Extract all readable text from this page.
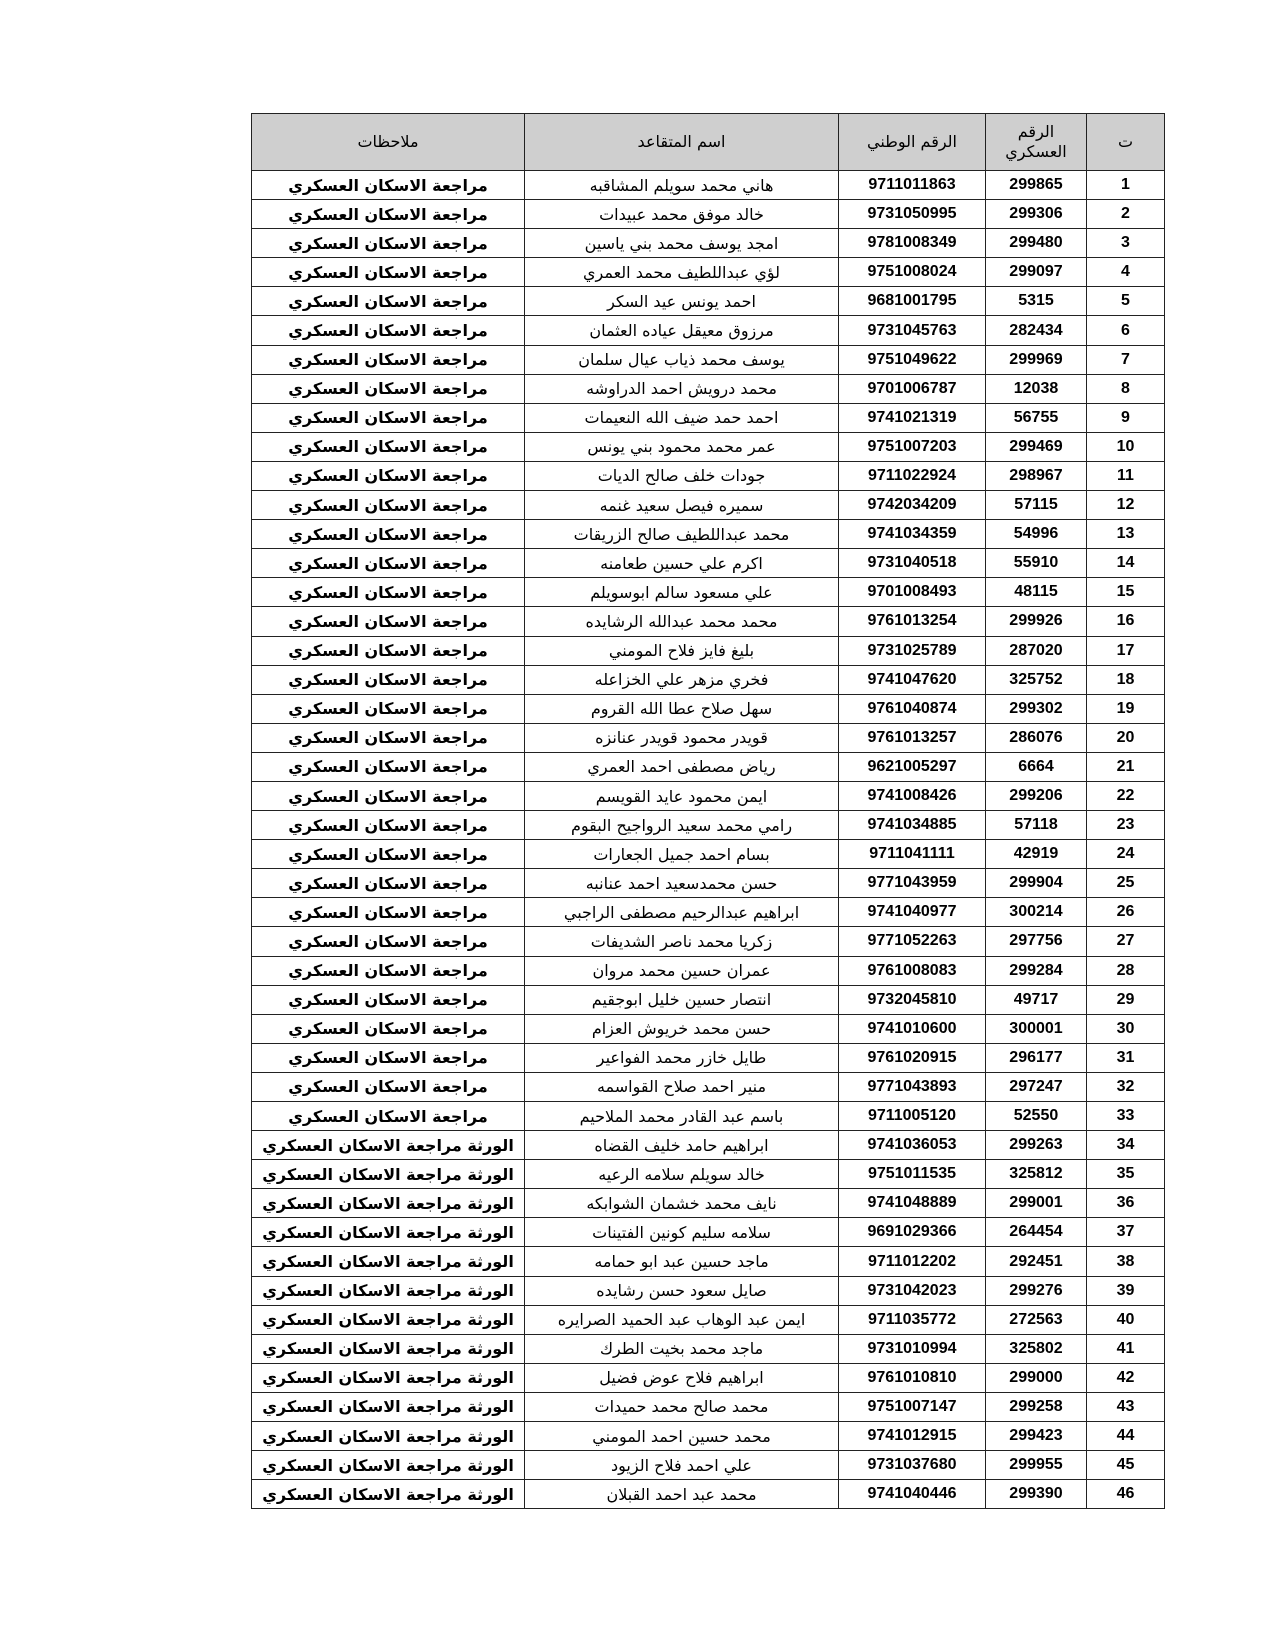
ت	الرقم العسكري	الرقم الوطني	اسم المتقاعد	ملاحظات
1	299865	9711011863	هاني محمد سويلم المشاقبه	مراجعة الاسكان العسكري
2	299306	9731050995	خالد موفق محمد عبيدات	مراجعة الاسكان العسكري
3	299480	9781008349	امجد يوسف محمد بني ياسين	مراجعة الاسكان العسكري
4	299097	9751008024	لؤي عبداللطيف محمد العمري	مراجعة الاسكان العسكري
5	5315	9681001795	احمد يونس عيد السكر	مراجعة الاسكان العسكري
6	282434	9731045763	مرزوق معيقل عياده العثمان	مراجعة الاسكان العسكري
7	299969	9751049622	يوسف محمد ذياب عيال سلمان	مراجعة الاسكان العسكري
8	12038	9701006787	محمد درويش احمد الدراوشه	مراجعة الاسكان العسكري
9	56755	9741021319	احمد حمد ضيف الله النعيمات	مراجعة الاسكان العسكري
10	299469	9751007203	عمر محمد محمود بني يونس	مراجعة الاسكان العسكري
11	298967	9711022924	جودات خلف صالح الديات	مراجعة الاسكان العسكري
12	57115	9742034209	سميره فيصل سعيد غنمه	مراجعة الاسكان العسكري
13	54996	9741034359	محمد عبداللطيف صالح الزريقات	مراجعة الاسكان العسكري
14	55910	9731040518	اكرم علي حسين طعامنه	مراجعة الاسكان العسكري
15	48115	9701008493	علي مسعود سالم ابوسويلم	مراجعة الاسكان العسكري
16	299926	9761013254	محمد محمد عبدالله الرشايده	مراجعة الاسكان العسكري
17	287020	9731025789	بليغ فايز فلاح المومني	مراجعة الاسكان العسكري
18	325752	9741047620	فخري مزهر علي الخزاعله	مراجعة الاسكان العسكري
19	299302	9761040874	سهل صلاح عطا الله القروم	مراجعة الاسكان العسكري
20	286076	9761013257	قويدر محمود قويدر عنانزه	مراجعة الاسكان العسكري
21	6664	9621005297	رياض مصطفى احمد العمري	مراجعة الاسكان العسكري
22	299206	9741008426	ايمن محمود عايد القويسم	مراجعة الاسكان العسكري
23	57118	9741034885	رامي محمد سعيد الرواجيح البقوم	مراجعة الاسكان العسكري
24	42919	9711041111	بسام احمد جميل الجعارات	مراجعة الاسكان العسكري
25	299904	9771043959	حسن محمدسعيد احمد عنانبه	مراجعة الاسكان العسكري
26	300214	9741040977	ابراهيم عبدالرحيم مصطفى الراجبي	مراجعة الاسكان العسكري
27	297756	9771052263	زكريا محمد ناصر الشديفات	مراجعة الاسكان العسكري
28	299284	9761008083	عمران حسين محمد مروان	مراجعة الاسكان العسكري
29	49717	9732045810	انتصار حسين خليل ابوجقيم	مراجعة الاسكان العسكري
30	300001	9741010600	حسن محمد خريوش العزام	مراجعة الاسكان العسكري
31	296177	9761020915	طايل خازر محمد الفواعير	مراجعة الاسكان العسكري
32	297247	9771043893	منير احمد صلاح القواسمه	مراجعة الاسكان العسكري
33	52550	9711005120	باسم عبد القادر محمد الملاحيم	مراجعة الاسكان العسكري
34	299263	9741036053	ابراهيم حامد خليف القضاه	الورثة مراجعة الاسكان العسكري
35	325812	9751011535	خالد سويلم سلامه الرعيه	الورثة مراجعة الاسكان العسكري
36	299001	9741048889	نايف محمد خشمان الشوابكه	الورثة مراجعة الاسكان العسكري
37	264454	9691029366	سلامه سليم كونين الفتينات	الورثة مراجعة الاسكان العسكري
38	292451	9711012202	ماجد حسين عبد ابو حمامه	الورثة مراجعة الاسكان العسكري
39	299276	9731042023	صايل سعود حسن رشايده	الورثة مراجعة الاسكان العسكري
40	272563	9711035772	ايمن عبد الوهاب عبد الحميد الصرايره	الورثة مراجعة الاسكان العسكري
41	325802	9731010994	ماجد محمد بخيت الطرك	الورثة مراجعة الاسكان العسكري
42	299000	9761010810	ابراهيم فلاح عوض فضيل	الورثة مراجعة الاسكان العسكري
43	299258	9751007147	محمد صالح محمد حميدات	الورثة مراجعة الاسكان العسكري
44	299423	9741012915	محمد حسين احمد المومني	الورثة مراجعة الاسكان العسكري
45	299955	9731037680	علي احمد فلاح الزيود	الورثة مراجعة الاسكان العسكري
46	299390	9741040446	محمد عبد احمد القبلان	الورثة مراجعة الاسكان العسكري
